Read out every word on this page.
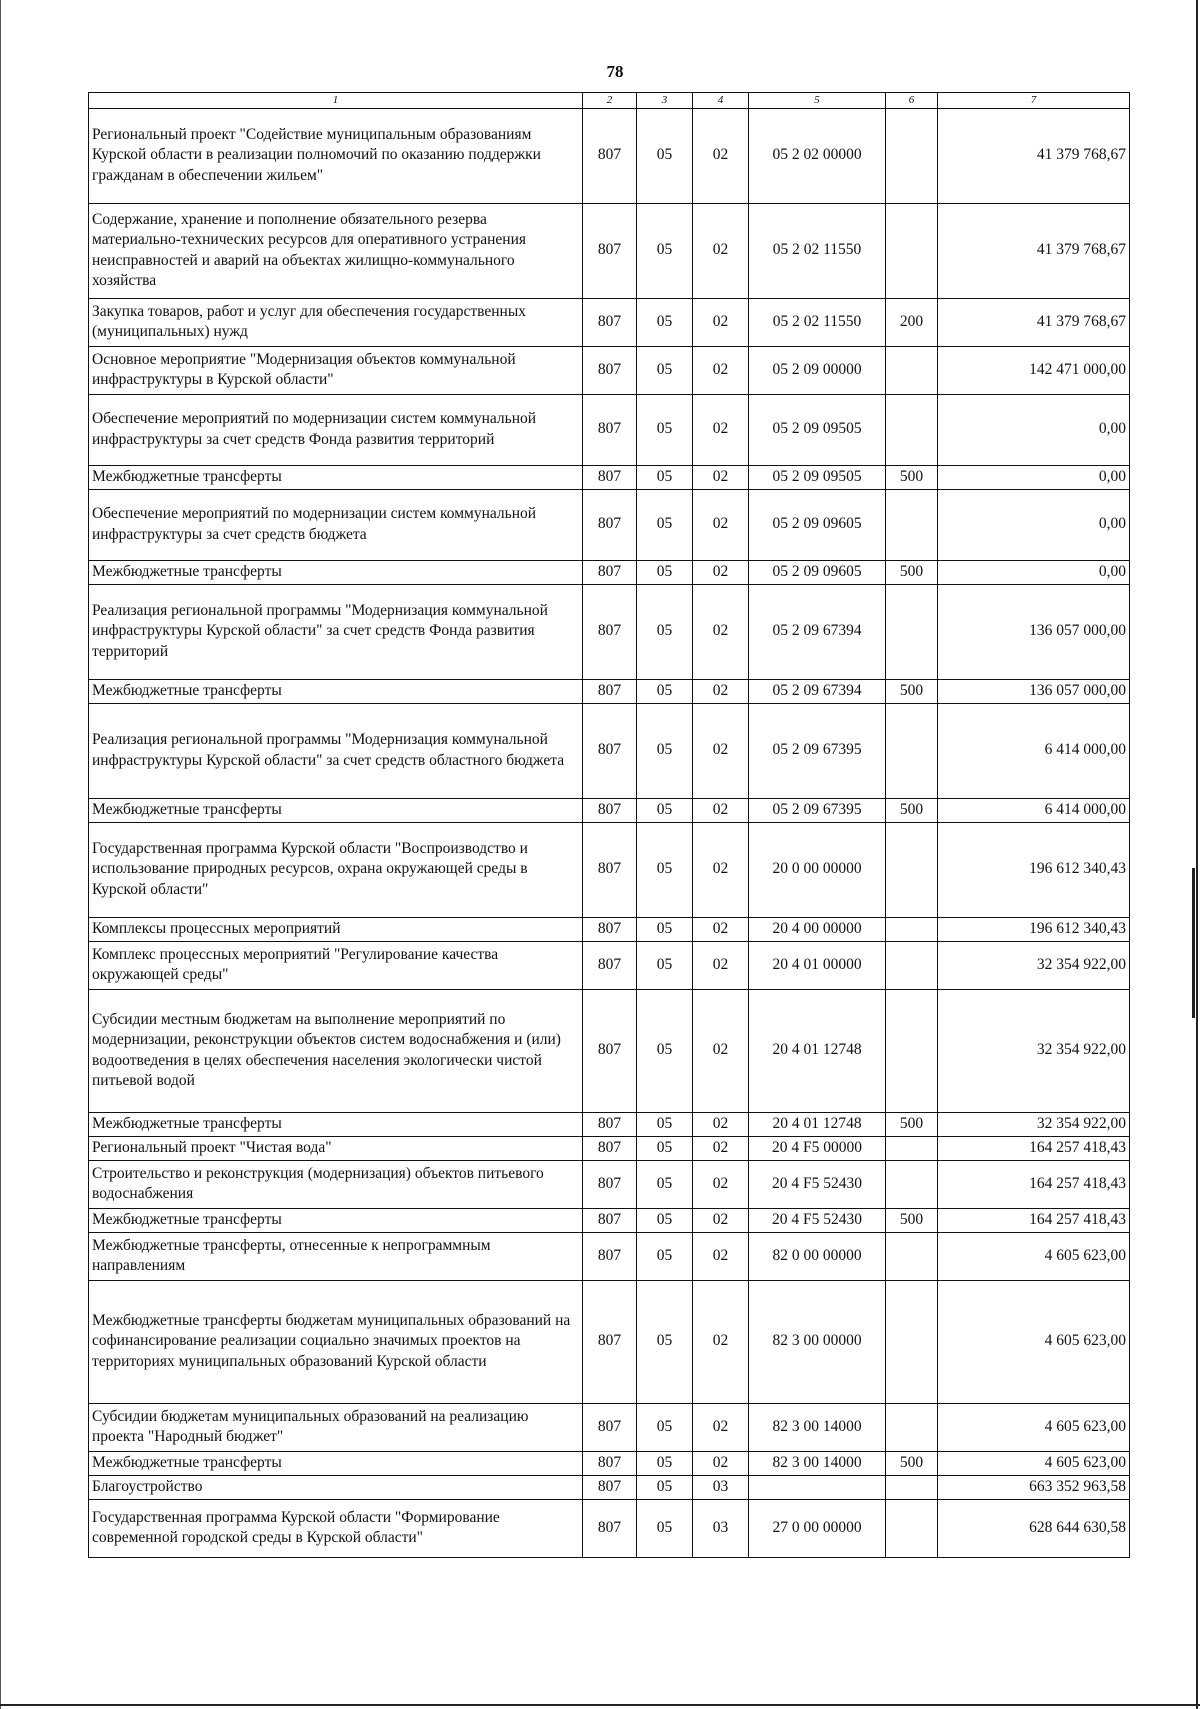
78
1	2	3	4	5	6	7
Региональный проект "Содействие муниципальным образованиям Курской области в реализации полномочий по оказанию поддержки гражданам в обеспечении жильем"	807	05	02	05 2 02 00000		41 379 768,67
Содержание, хранение и пополнение обязательного резерва материально-технических ресурсов для оперативного устранения неисправностей и аварий на объектах жилищно-коммунального хозяйства	807	05	02	05 2 02 11550		41 379 768,67
Закупка товаров, работ и услуг для обеспечения государственных (муниципальных) нужд	807	05	02	05 2 02 11550	200	41 379 768,67
Основное мероприятие "Модернизация объектов коммунальной инфраструктуры в Курской области"	807	05	02	05 2 09 00000		142 471 000,00
Обеспечение мероприятий по модернизации систем коммунальной инфраструктуры за счет средств Фонда развития территорий	807	05	02	05 2 09 09505		0,00
Межбюджетные трансферты	807	05	02	05 2 09 09505	500	0,00
Обеспечение мероприятий по модернизации систем коммунальной инфраструктуры за счет средств бюджета	807	05	02	05 2 09 09605		0,00
Межбюджетные трансферты	807	05	02	05 2 09 09605	500	0,00
Реализация региональной программы "Модернизация коммунальной инфраструктуры Курской области" за счет средств Фонда развития территорий	807	05	02	05 2 09 67394		136 057 000,00
Межбюджетные трансферты	807	05	02	05 2 09 67394	500	136 057 000,00
Реализация региональной программы "Модернизация коммунальной инфраструктуры Курской области" за счет средств областного бюджета	807	05	02	05 2 09 67395		6 414 000,00
Межбюджетные трансферты	807	05	02	05 2 09 67395	500	6 414 000,00
Государственная программа Курской области "Воспроизводство и использование природных ресурсов, охрана окружающей среды в Курской области"	807	05	02	20 0 00 00000		196 612 340,43
Комплексы процессных мероприятий	807	05	02	20 4 00 00000		196 612 340,43
Комплекс процессных мероприятий "Регулирование качества окружающей среды"	807	05	02	20 4 01 00000		32 354 922,00
Субсидии местным бюджетам на выполнение мероприятий по модернизации, реконструкции объектов систем водоснабжения и (или) водоотведения в целях обеспечения населения экологически чистой питьевой водой	807	05	02	20 4 01 12748		32 354 922,00
Межбюджетные трансферты	807	05	02	20 4 01 12748	500	32 354 922,00
Региональный проект "Чистая вода"	807	05	02	20 4 F5 00000		164 257 418,43
Строительство и реконструкция (модернизация) объектов питьевого водоснабжения	807	05	02	20 4 F5 52430		164 257 418,43
Межбюджетные трансферты	807	05	02	20 4 F5 52430	500	164 257 418,43
Межбюджетные трансферты, отнесенные к непрограммным направлениям	807	05	02	82 0 00 00000		4 605 623,00
Межбюджетные трансферты бюджетам муниципальных образований на софинансирование реализации социально значимых проектов на территориях муниципальных образований Курской области	807	05	02	82 3 00 00000		4 605 623,00
Субсидии бюджетам муниципальных образований на реализацию проекта "Народный бюджет"	807	05	02	82 3 00 14000		4 605 623,00
Межбюджетные трансферты	807	05	02	82 3 00 14000	500	4 605 623,00
Благоустройство	807	05	03			663 352 963,58
Государственная программа Курской области "Формирование современной городской среды в Курской области"	807	05	03	27 0 00 00000		628 644 630,58
